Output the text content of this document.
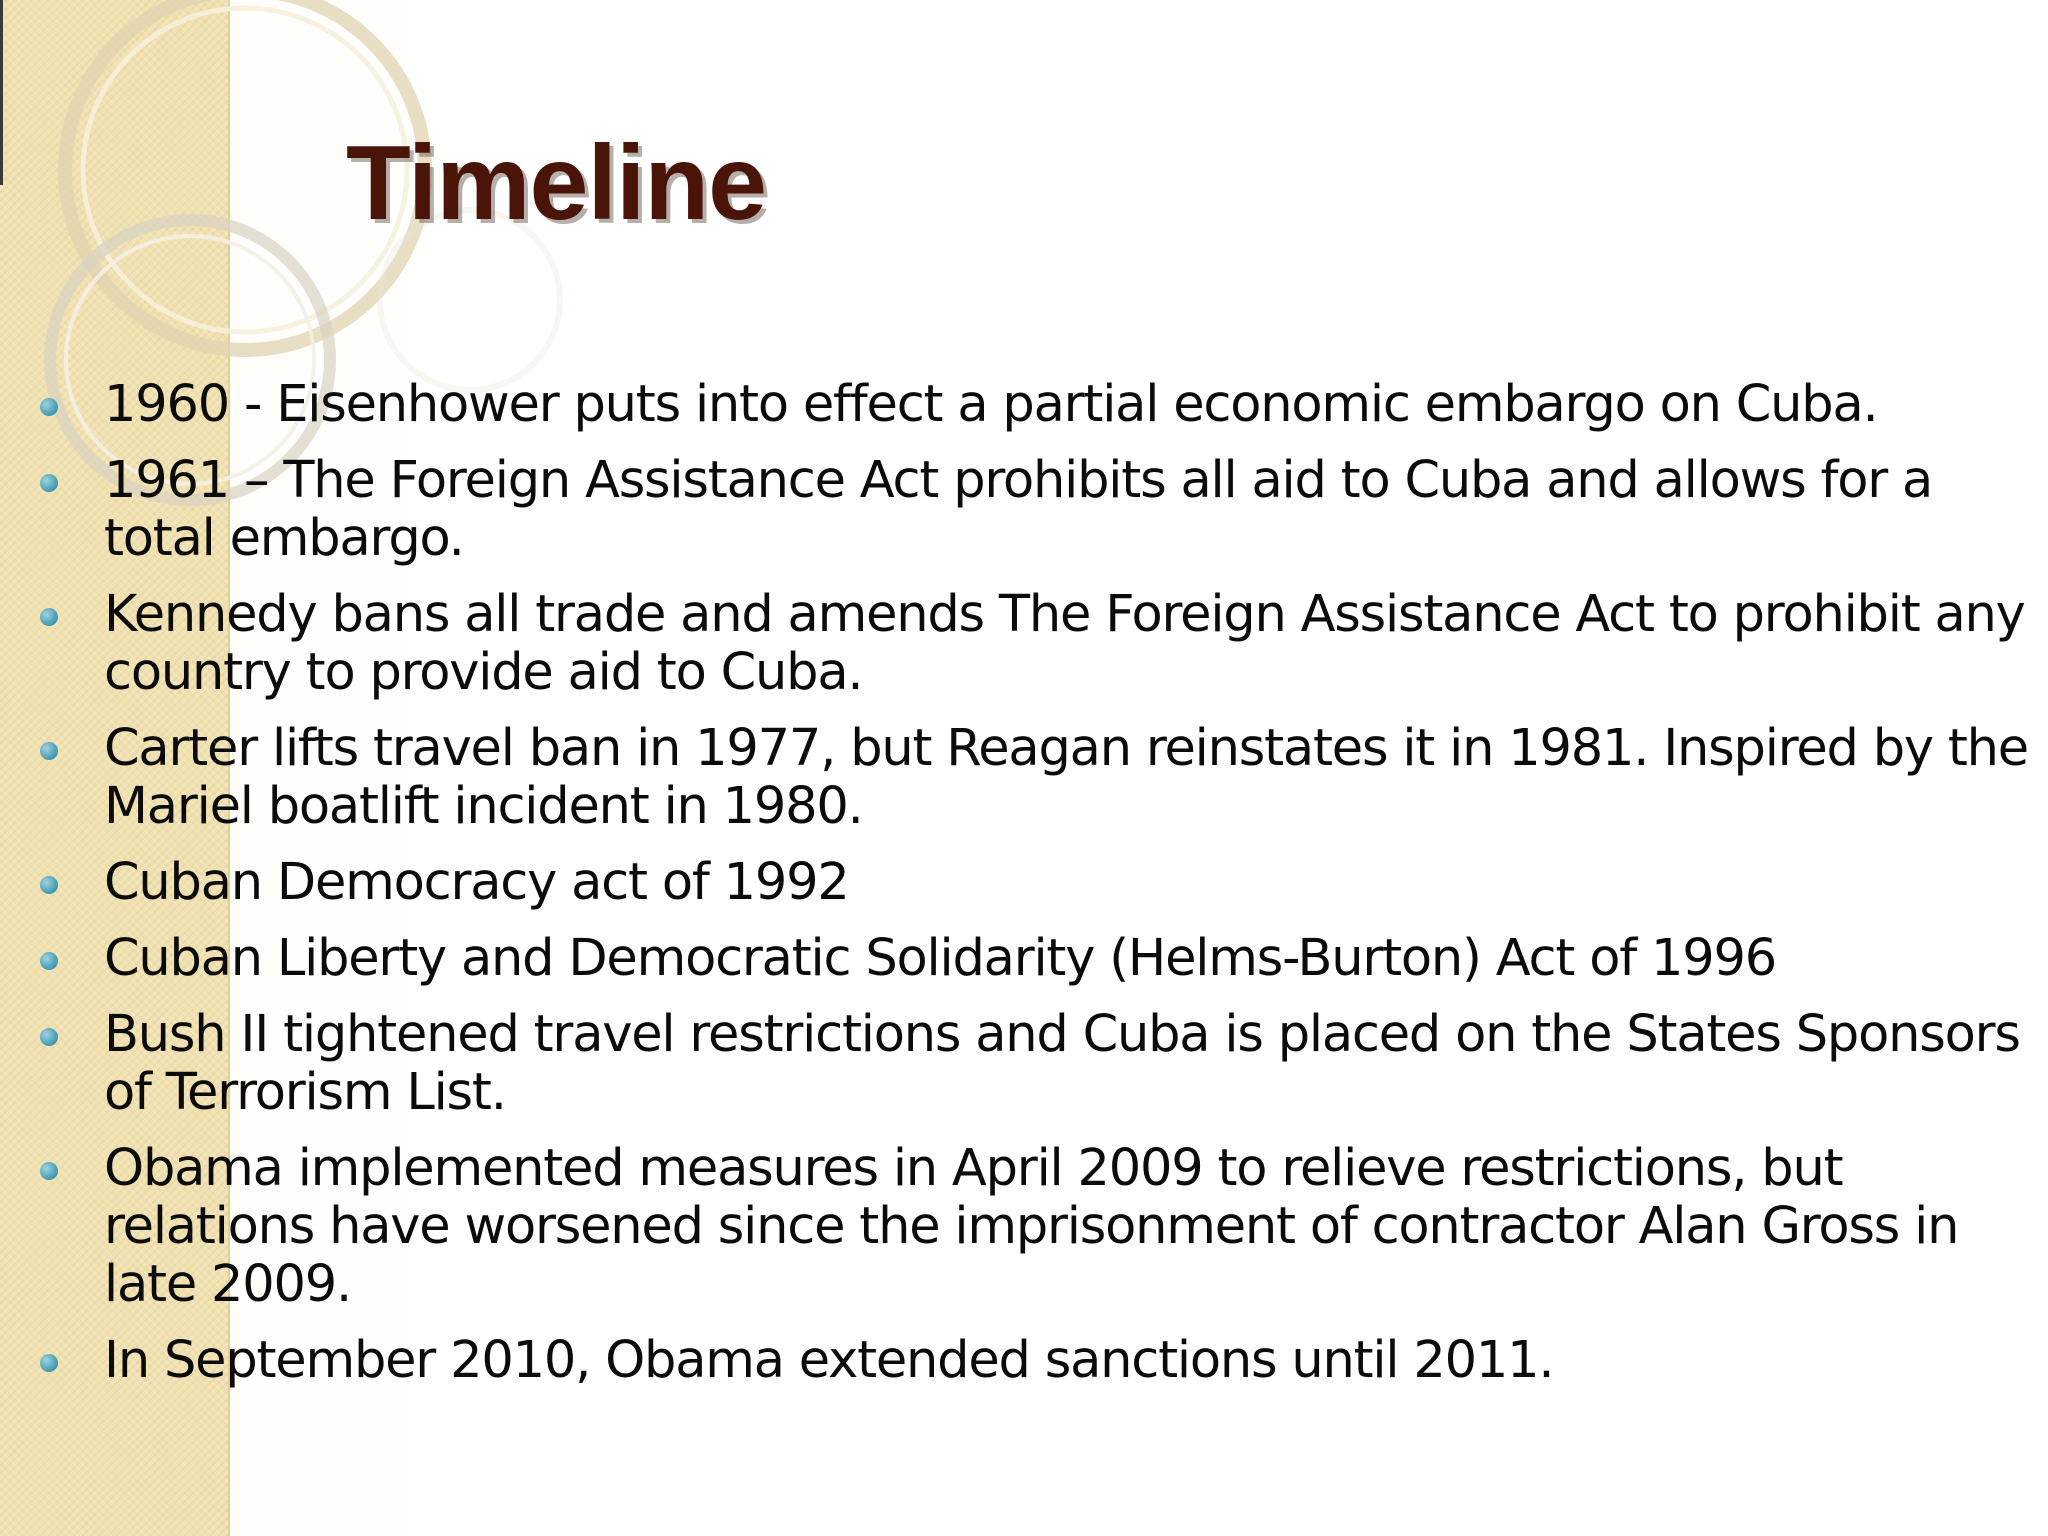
Timeline
1960 - Eisenhower puts into effect a partial economic embargo on Cuba.
1961 – The Foreign Assistance Act prohibits all aid to Cuba and allows for a total embargo.
Kennedy bans all trade and amends The Foreign Assistance Act to prohibit any country to provide aid to Cuba.
Carter lifts travel ban in 1977, but Reagan reinstates it in 1981. Inspired by the Mariel boatlift incident in 1980.
Cuban Democracy act of 1992
Cuban Liberty and Democratic Solidarity (Helms-Burton) Act of 1996
Bush II tightened travel restrictions and Cuba is placed on the States Sponsors of Terrorism List.
Obama implemented measures in April 2009 to relieve restrictions, but relations have worsened since the imprisonment of contractor Alan Gross in late 2009.
In September 2010, Obama extended sanctions until 2011.
